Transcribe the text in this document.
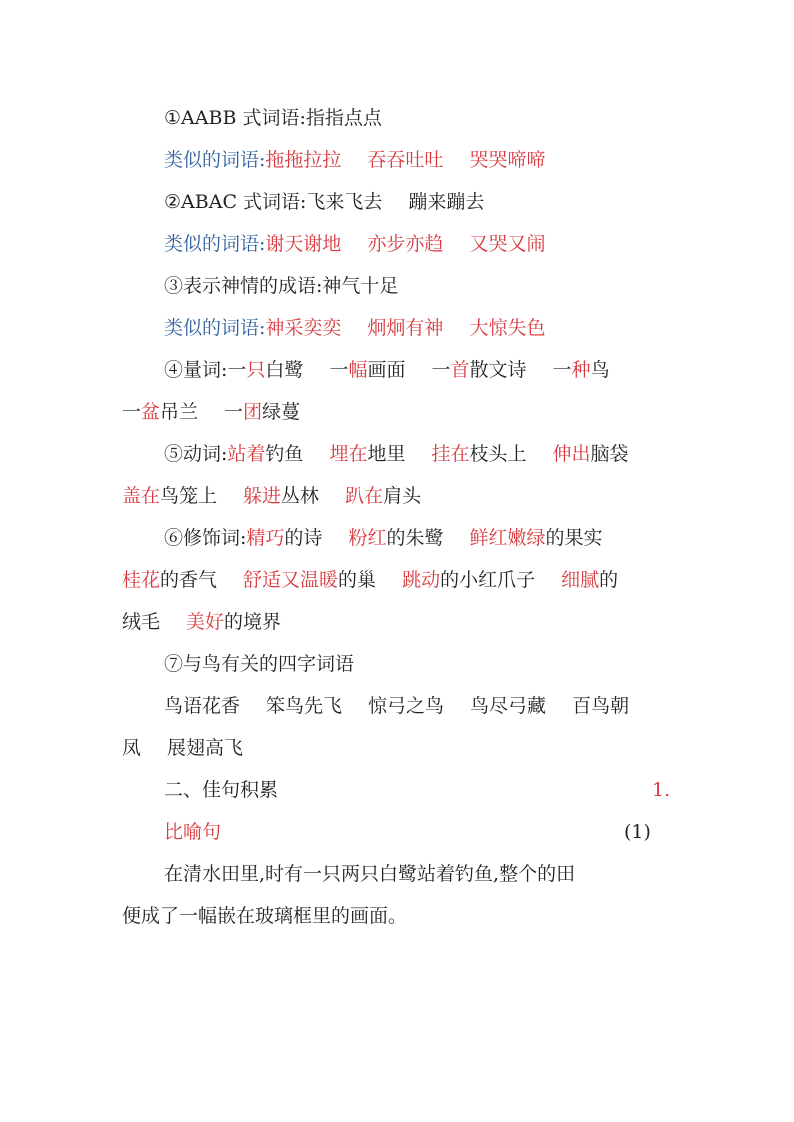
①AABB 式词语:指指点点
类似的词语:拖拖拉拉 吞吞吐吐 哭哭啼啼
②ABAC 式词语:飞来飞去 蹦来蹦去
类似的词语:谢天谢地 亦步亦趋 又哭又闹
③表示神情的成语:神气十足
类似的词语:神采奕奕 炯炯有神 大惊失色
④量词:一只白鹭 一幅画面 一首散文诗 一种鸟
一盆吊兰 一团绿蔓
⑤动词:站着钓鱼 埋在地里 挂在枝头上 伸出脑袋
盖在鸟笼上 躲进丛林 趴在肩头
⑥修饰词:精巧的诗 粉红的朱鹭 鲜红嫩绿的果实
桂花的香气 舒适又温暖的巢 跳动的小红爪子 细腻的
绒毛 美好的境界
⑦与鸟有关的四字词语
鸟语花香 笨鸟先飞 惊弓之鸟 鸟尽弓藏 百鸟朝
凤 展翅高飞
二、佳句积累	1.
比喻句	(1)
在清水田里,时有一只两只白鹭站着钓鱼,整个的田
便成了一幅嵌在玻璃框里的画面。
